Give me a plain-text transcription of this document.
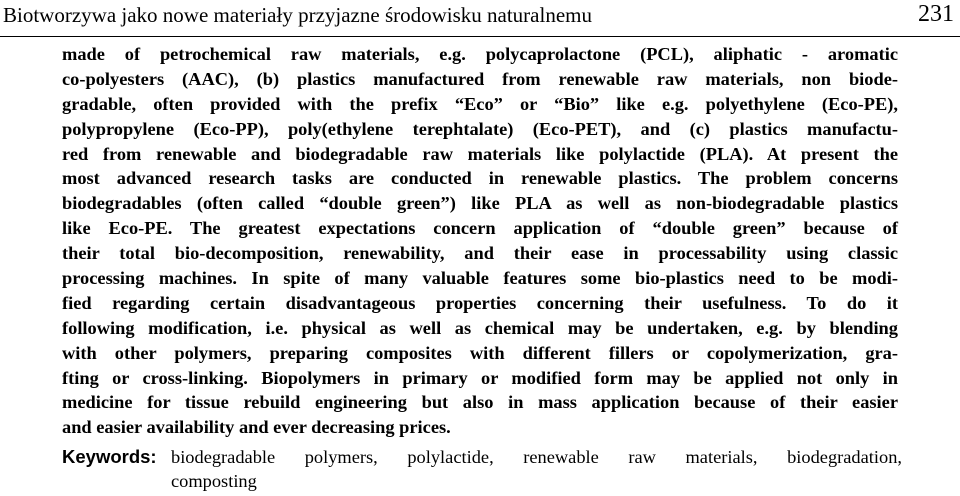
Biotworzywa jako nowe materiały przyjazne środowisku naturalnemu	231
made of petrochemical raw materials, e.g. polycaprolactone (PCL), aliphatic - aromatic
co-polyesters (AAC), (b) plastics manufactured from renewable raw materials, non biode-
gradable, often provided with the prefix “Eco” or “Bio” like e.g. polyethylene (Eco-PE),
polypropylene (Eco-PP), poly(ethylene terephtalate) (Eco-PET), and (c) plastics manufactu-
red from renewable and biodegradable raw materials like polylactide (PLA). At present the
most advanced research tasks are conducted in renewable plastics. The problem concerns
biodegradables (often called “double green”) like PLA as well as non-biodegradable plastics
like Eco-PE. The greatest expectations concern application of “double green” because of
their total bio-decomposition, renewability, and their ease in processability using classic
processing machines. In spite of many valuable features some bio-plastics need to be modi-
fied regarding certain disadvantageous properties concerning their usefulness. To do it
following modification, i.e. physical as well as chemical may be undertaken, e.g. by blending
with other polymers, preparing composites with different fillers or copolymerization, gra-
fting or cross-linking. Biopolymers in primary or modified form may be applied not only in
medicine for tissue rebuild engineering but also in mass application because of their easier
and easier availability and ever decreasing prices.
Keywords: biodegradable polymers, polylactide, renewable raw materials, biodegradation,
composting
